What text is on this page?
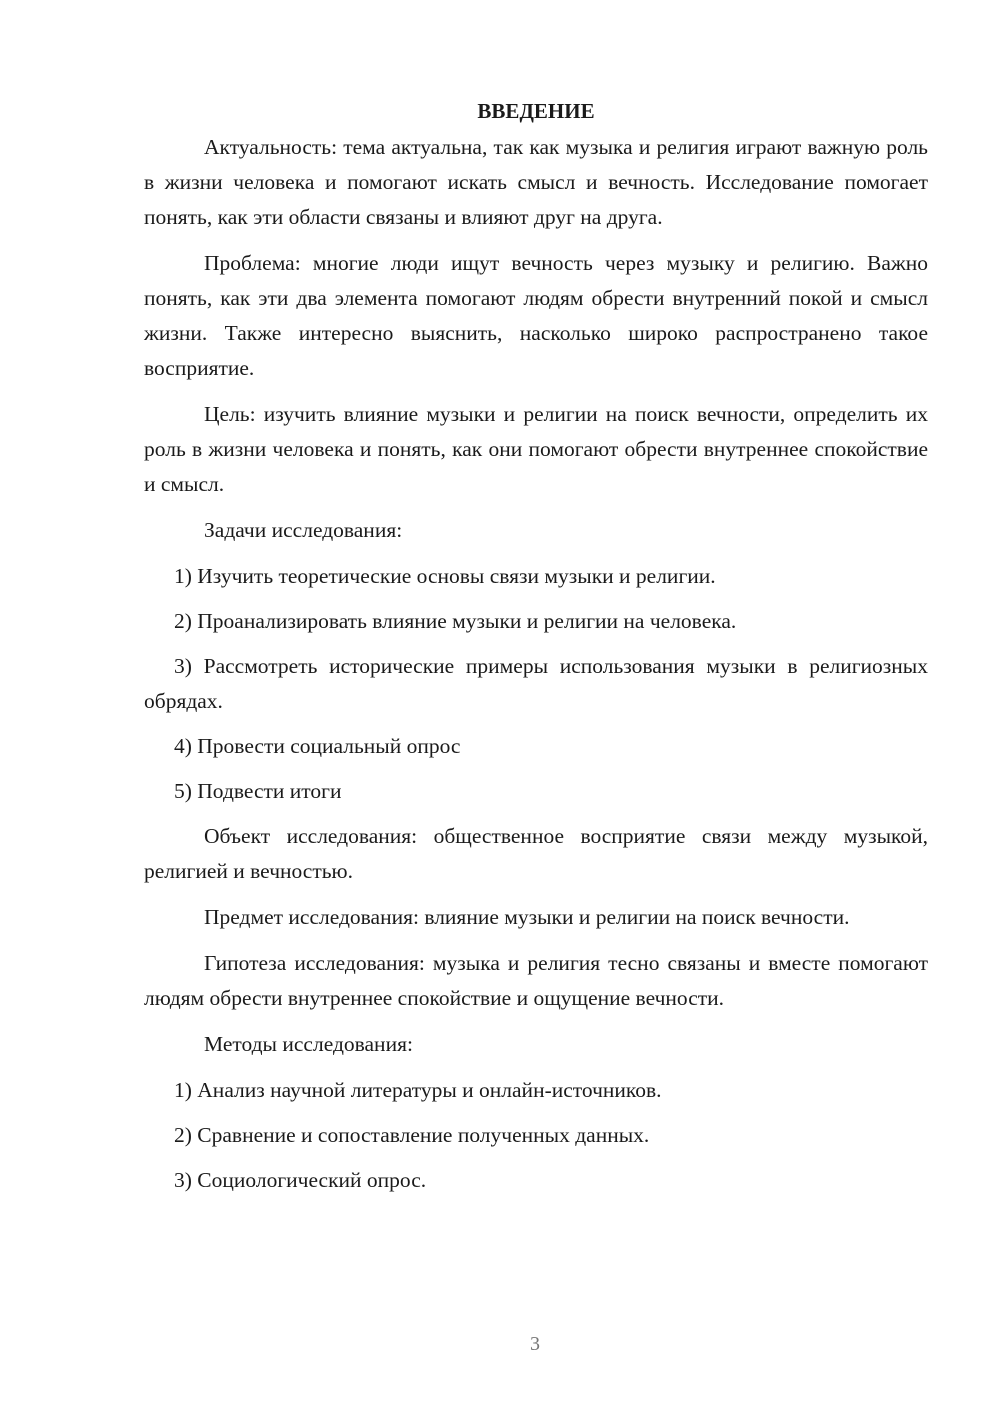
ВВЕДЕНИЕ

Актуальность: тема актуальна, так как музыка и религия играют важную роль в жизни человека и помогают искать смысл и вечность. Исследование помогает понять, как эти области связаны и влияют друг на друга.

Проблема: многие люди ищут вечность через музыку и религию. Важно понять, как эти два элемента помогают людям обрести внутренний покой и смысл жизни. Также интересно выяснить, насколько широко распространено такое восприятие.

Цель: изучить влияние музыки и религии на поиск вечности, определить их роль в жизни человека и понять, как они помогают обрести внутреннее спокойствие и смысл.

Задачи исследования:

1) Изучить теоретические основы связи музыки и религии.

2) Проанализировать влияние музыки и религии на человека.

3) Рассмотреть исторические примеры использования музыки в религиозных обрядах.

4) Провести социальный опрос

5) Подвести итоги

Объект исследования: общественное восприятие связи между музыкой, религией и вечностью.

Предмет исследования: влияние музыки и религии на поиск вечности.

Гипотеза исследования: музыка и религия тесно связаны и вместе помогают людям обрести внутреннее спокойствие и ощущение вечности.

Методы исследования:

1) Анализ научной литературы и онлайн-источников.

2) Сравнение и сопоставление полученных данных.

3) Социологический опрос.

3
